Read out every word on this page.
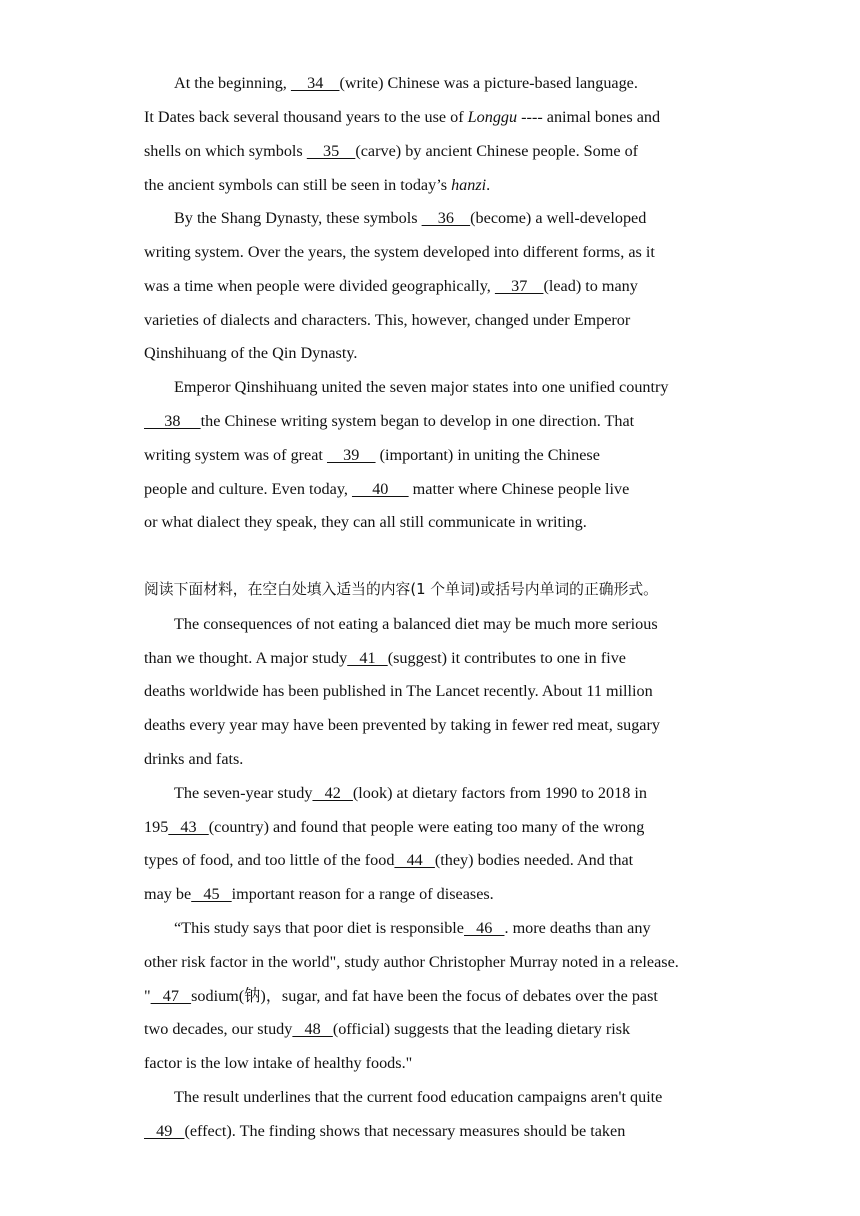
At the beginning,     34    (write) Chinese was a picture-based language.
It Dates back several thousand years to the use of Longgu ---- animal bones and
shells on which symbols     35    (carve) by ancient Chinese people. Some of
the ancient symbols can still be seen in today’s hanzi.
By the Shang Dynasty, these symbols     36    (become) a well-developed
writing system. Over the years, the system developed into different forms, as it
was a time when people were divided geographically,     37    (lead) to many
varieties of dialects and characters. This, however, changed under Emperor
Qinshihuang of the Qin Dynasty.
Emperor Qinshihuang united the seven major states into one unified country
38     the Chinese writing system began to develop in one direction. That
writing system was of great     39     (important) in uniting the Chinese
people and culture. Even today,      40      matter where Chinese people live
or what dialect they speak, they can all still communicate in writing.
阅读下面材料，在空白处填入适当的内容(1 个单词)或括号内单词的正确形式。
The consequences of not eating a balanced diet may be much more serious
than we thought. A major study   41   (suggest) it contributes to one in five
deaths worldwide has been published in The Lancet recently. About 11 million
deaths every year may have been prevented by taking in fewer red meat, sugary
drinks and fats.
The seven-year study   42   (look) at dietary factors from 1990 to 2018 in
195   43   (country) and found that people were eating too many of the wrong
types of food, and too little of the food   44   (they) bodies needed. And that
may be   45   important reason for a range of diseases.
“This study says that poor diet is responsible   46   . more deaths than any
other risk factor in the world", study author Christopher Murray noted in a release.
"   47   sodium(钠)，sugar, and fat have been the focus of debates over the past
two decades, our study   48   (official) suggests that the leading dietary risk
factor is the low intake of healthy foods."
The result underlines that the current food education campaigns aren't quite
49   (effect). The finding shows that necessary measures should be taken
